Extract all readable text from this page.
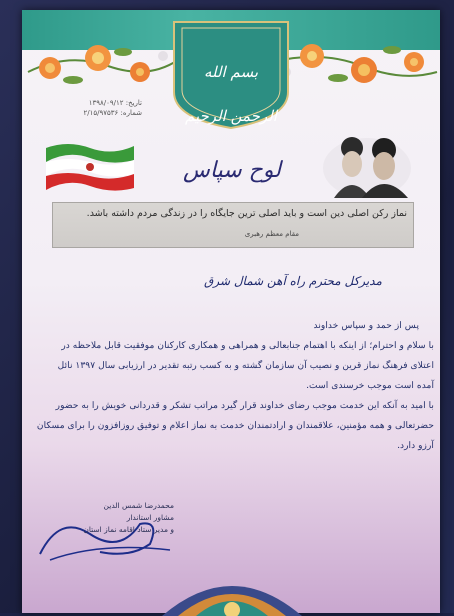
بسم الله الرحمن الرحیم
تاریخ: ۱۳۹۸/۰۹/۱۲
شماره: ۲/۱۵/۹۷۵۳۶
لوح سپاس
نماز رکن اصلی دین است و باید اصلی ترین جایگاه را در زندگی مردم داشته باشد.
مقام معظم رهبری
مدیرکل محترم راه آهن شمال شرق

پس از حمد و سپاس خداوند

با سلام و احترام؛ از اینکه با اهتمام جنابعالی و همراهی و همکاری کارکنان موفقیت قابل ملاحظه در

اعتلای فرهنگ نماز قرین و نصیب آن سازمان گشته و به کسب رتبه تقدیر در ارزیابی سال ۱۳۹۷ نائل

آمده است موجب خرسندی است.

با امید به آنکه این خدمت موجب رضای خداوند قرار گیرد مراتب تشکر و قدردانی خویش را به حضور

حضرتعالی و همه مؤمنین، علاقمندان و ارادتمندان خدمت به نماز اعلام و توفیق روزافزون را برای مسکان

آرزو دارد.

محمدرضا شمس الدین
مشاور استاندار
و مدیر ستاد اقامه نماز استان
